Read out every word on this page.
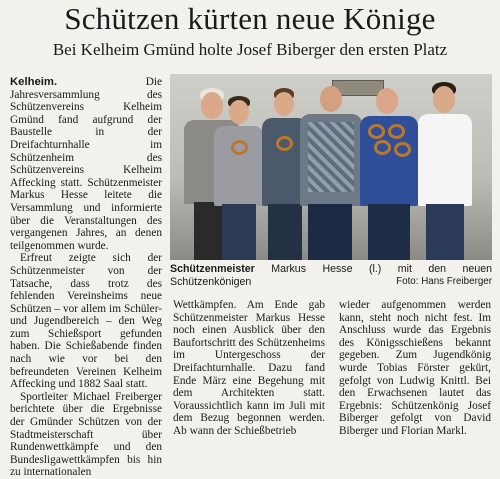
Schützen kürten neue Könige
Bei Kelheim Gmünd holte Josef Biberger den ersten Platz

Kelheim.	Die Jahresversammlung des Schützenvereins Kelheim Gmünd fand aufgrund der Baustelle in der Dreifachturnhalle im Schützenheim des Schützenvereins Kelheim Affecking statt. Schützenmeister Markus Hesse leitete die Versammlung und informierte über die Veranstaltungen des vergangenen Jahres, an denen teilgenommen wurde.

Erfreut zeigte sich der Schützenmeister von der Tatsache, dass trotz des fehlenden Vereinsheims neue Schützen – vor allem im Schüler- und Jugendbereich – den Weg zum Schießsport gefunden haben. Die Schießabende finden nach wie vor bei den befreundeten Vereinen Kelheim Affecking und 1882 Saal statt.

Sportleiter Michael Freiberger berichtete über die Ergebnisse der Gmünder Schützen von der Stadtmeisterschaft über Rundenwettkämpfe und den Bundesligawettkämpfen bis hin zu internationalen

Schützenmeister Markus Hesse (l.) mit den neuen Schützenkönigen	Foto: Hans Freiberger

Wettkämpfen. Am Ende gab Schützenmeister Markus Hesse noch einen Ausblick über den Baufortschritt des Schützenheims im Untergeschoss der Dreifachturnhalle. Dazu fand Ende März eine Begehung mit dem Architekten statt. Voraussichtlich kann im Juli mit dem Bezug begonnen werden. Ab wann der Schießbetrieb

wieder aufgenommen werden kann, steht noch nicht fest. Im Anschluss wurde das Ergebnis des Königsschießens bekannt gegeben. Zum Jugendkönig wurde Tobias Förster gekürt, gefolgt von Ludwig Knittl. Bei den Erwachsenen lautet das Ergebnis: Schützenkönig Josef Biberger gefolgt von David Biberger und Florian Markl.
